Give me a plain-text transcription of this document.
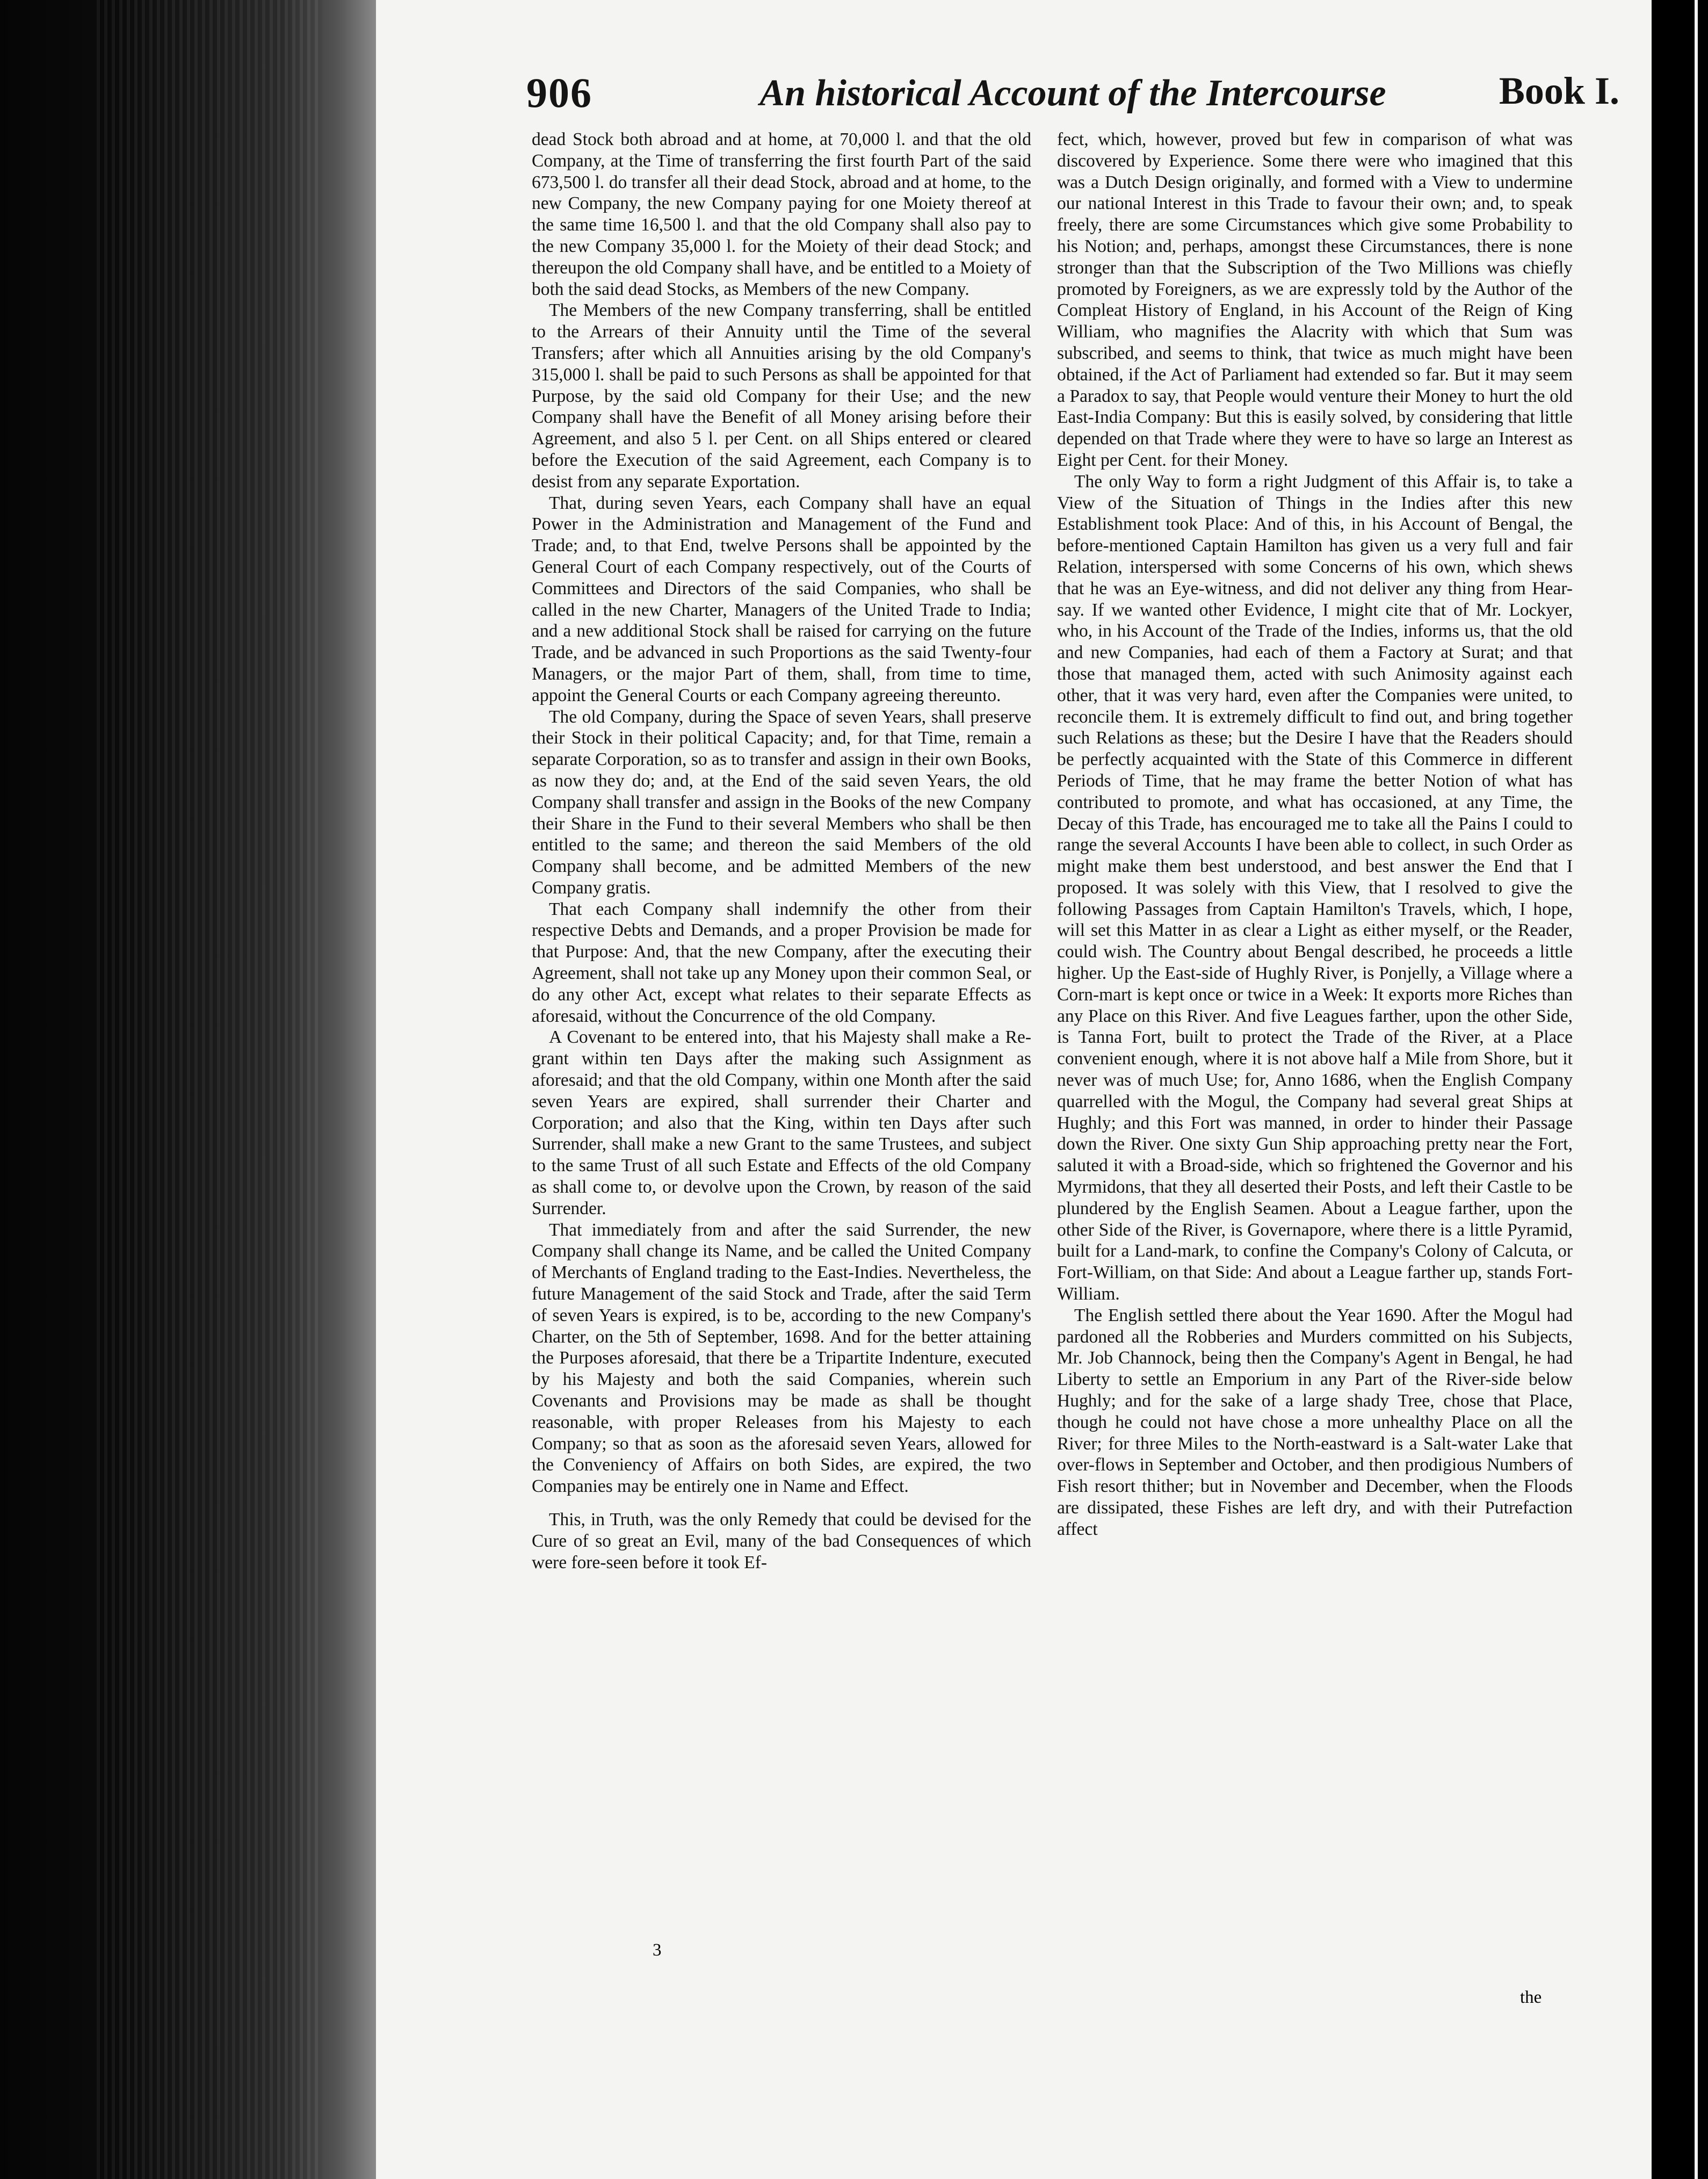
906	An historical Account of the Intercourse	Book I.

dead Stock both abroad and at home, at 70,000 l. and that the old Company, at the Time of transferring the first fourth Part of the said 673,500 l. do transfer all their dead Stock, abroad and at home, to the new Company, the new Company paying for one Moiety thereof at the same time 16,500 l. and that the old Company shall also pay to the new Company 35,000 l. for the Moiety of their dead Stock; and thereupon the old Company shall have, and be entitled to a Moiety of both the said dead Stocks, as Members of the new Company.

The Members of the new Company transferring, shall be entitled to the Arrears of their Annuity until the Time of the several Transfers; after which all Annuities arising by the old Company's 315,000 l. shall be paid to such Persons as shall be appointed for that Purpose, by the said old Company for their Use; and the new Company shall have the Benefit of all Money arising before their Agreement, and also 5 l. per Cent. on all Ships entered or cleared before the Execution of the said Agreement, each Company is to desist from any separate Exportation.

That, during seven Years, each Company shall have an equal Power in the Administration and Management of the Fund and Trade; and, to that End, twelve Persons shall be appointed by the General Court of each Company respectively, out of the Courts of Committees and Directors of the said Companies, who shall be called in the new Charter, Managers of the United Trade to India; and a new additional Stock shall be raised for carrying on the future Trade, and be advanced in such Proportions as the said Twenty-four Managers, or the major Part of them, shall, from time to time, appoint the General Courts or each Company agreeing thereunto.

The old Company, during the Space of seven Years, shall preserve their Stock in their political Capacity; and, for that Time, remain a separate Corporation, so as to transfer and assign in their own Books, as now they do; and, at the End of the said seven Years, the old Company shall transfer and assign in the Books of the new Company their Share in the Fund to their several Members who shall be then entitled to the same; and thereon the said Members of the old Company shall become, and be admitted Members of the new Company gratis.

That each Company shall indemnify the other from their respective Debts and Demands, and a proper Provision be made for that Purpose: And, that the new Company, after the executing their Agreement, shall not take up any Money upon their common Seal, or do any other Act, except what relates to their separate Effects as aforesaid, without the Concurrence of the old Company.

A Covenant to be entered into, that his Majesty shall make a Re-grant within ten Days after the making such Assignment as aforesaid; and that the old Company, within one Month after the said seven Years are expired, shall surrender their Charter and Corporation; and also that the King, within ten Days after such Surrender, shall make a new Grant to the same Trustees, and subject to the same Trust of all such Estate and Effects of the old Company as shall come to, or devolve upon the Crown, by reason of the said Surrender.

That immediately from and after the said Surrender, the new Company shall change its Name, and be called the United Company of Merchants of England trading to the East-Indies. Nevertheless, the future Management of the said Stock and Trade, after the said Term of seven Years is expired, is to be, according to the new Company's Charter, on the 5th of September, 1698. And for the better attaining the Purposes aforesaid, that there be a Tripartite Indenture, executed by his Majesty and both the said Companies, wherein such Covenants and Provisions may be made as shall be thought reasonable, with proper Releases from his Majesty to each Company; so that as soon as the aforesaid seven Years, allowed for the Conveniency of Affairs on both Sides, are expired, the two Companies may be entirely one in Name and Effect.

This, in Truth, was the only Remedy that could be devised for the Cure of so great an Evil, many of the bad Consequences of which were fore-seen before it took Ef-

fect, which, however, proved but few in comparison of what was discovered by Experience. Some there were who imagined that this was a Dutch Design originally, and formed with a View to undermine our national Interest in this Trade to favour their own; and, to speak freely, there are some Circumstances which give some Probability to his Notion; and, perhaps, amongst these Circumstances, there is none stronger than that the Subscription of the Two Millions was chiefly promoted by Foreigners, as we are expressly told by the Author of the Compleat History of England, in his Account of the Reign of King William, who magnifies the Alacrity with which that Sum was subscribed, and seems to think, that twice as much might have been obtained, if the Act of Parliament had extended so far. But it may seem a Paradox to say, that People would venture their Money to hurt the old East-India Company: But this is easily solved, by considering that little depended on that Trade where they were to have so large an Interest as Eight per Cent. for their Money.

The only Way to form a right Judgment of this Affair is, to take a View of the Situation of Things in the Indies after this new Establishment took Place: And of this, in his Account of Bengal, the before-mentioned Captain Hamilton has given us a very full and fair Relation, interspersed with some Concerns of his own, which shews that he was an Eye-witness, and did not deliver any thing from Hear-say. If we wanted other Evidence, I might cite that of Mr. Lockyer, who, in his Account of the Trade of the Indies, informs us, that the old and new Companies, had each of them a Factory at Surat; and that those that managed them, acted with such Animosity against each other, that it was very hard, even after the Companies were united, to reconcile them. It is extremely difficult to find out, and bring together such Relations as these; but the Desire I have that the Readers should be perfectly acquainted with the State of this Commerce in different Periods of Time, that he may frame the better Notion of what has contributed to promote, and what has occasioned, at any Time, the Decay of this Trade, has encouraged me to take all the Pains I could to range the several Accounts I have been able to collect, in such Order as might make them best understood, and best answer the End that I proposed. It was solely with this View, that I resolved to give the following Passages from Captain Hamilton's Travels, which, I hope, will set this Matter in as clear a Light as either myself, or the Reader, could wish. The Country about Bengal described, he proceeds a little higher. Up the East-side of Hughly River, is Ponjelly, a Village where a Corn-mart is kept once or twice in a Week: It exports more Riches than any Place on this River. And five Leagues farther, upon the other Side, is Tanna Fort, built to protect the Trade of the River, at a Place convenient enough, where it is not above half a Mile from Shore, but it never was of much Use; for, Anno 1686, when the English Company quarrelled with the Mogul, the Company had several great Ships at Hughly; and this Fort was manned, in order to hinder their Passage down the River. One sixty Gun Ship approaching pretty near the Fort, saluted it with a Broad-side, which so frightened the Governor and his Myrmidons, that they all deserted their Posts, and left their Castle to be plundered by the English Seamen. About a League farther, upon the other Side of the River, is Governapore, where there is a little Pyramid, built for a Land-mark, to confine the Company's Colony of Calcuta, or Fort-William, on that Side: And about a League farther up, stands Fort-William.

The English settled there about the Year 1690. After the Mogul had pardoned all the Robberies and Murders committed on his Subjects, Mr. Job Channock, being then the Company's Agent in Bengal, he had Liberty to settle an Emporium in any Part of the River-side below Hughly; and for the sake of a large shady Tree, chose that Place, though he could not have chose a more unhealthy Place on all the River; for three Miles to the North-eastward is a Salt-water Lake that over-flows in September and October, and then prodigious Numbers of Fish resort thither; but in November and December, when the Floods are dissipated, these Fishes are left dry, and with their Putrefaction affect

3
the
